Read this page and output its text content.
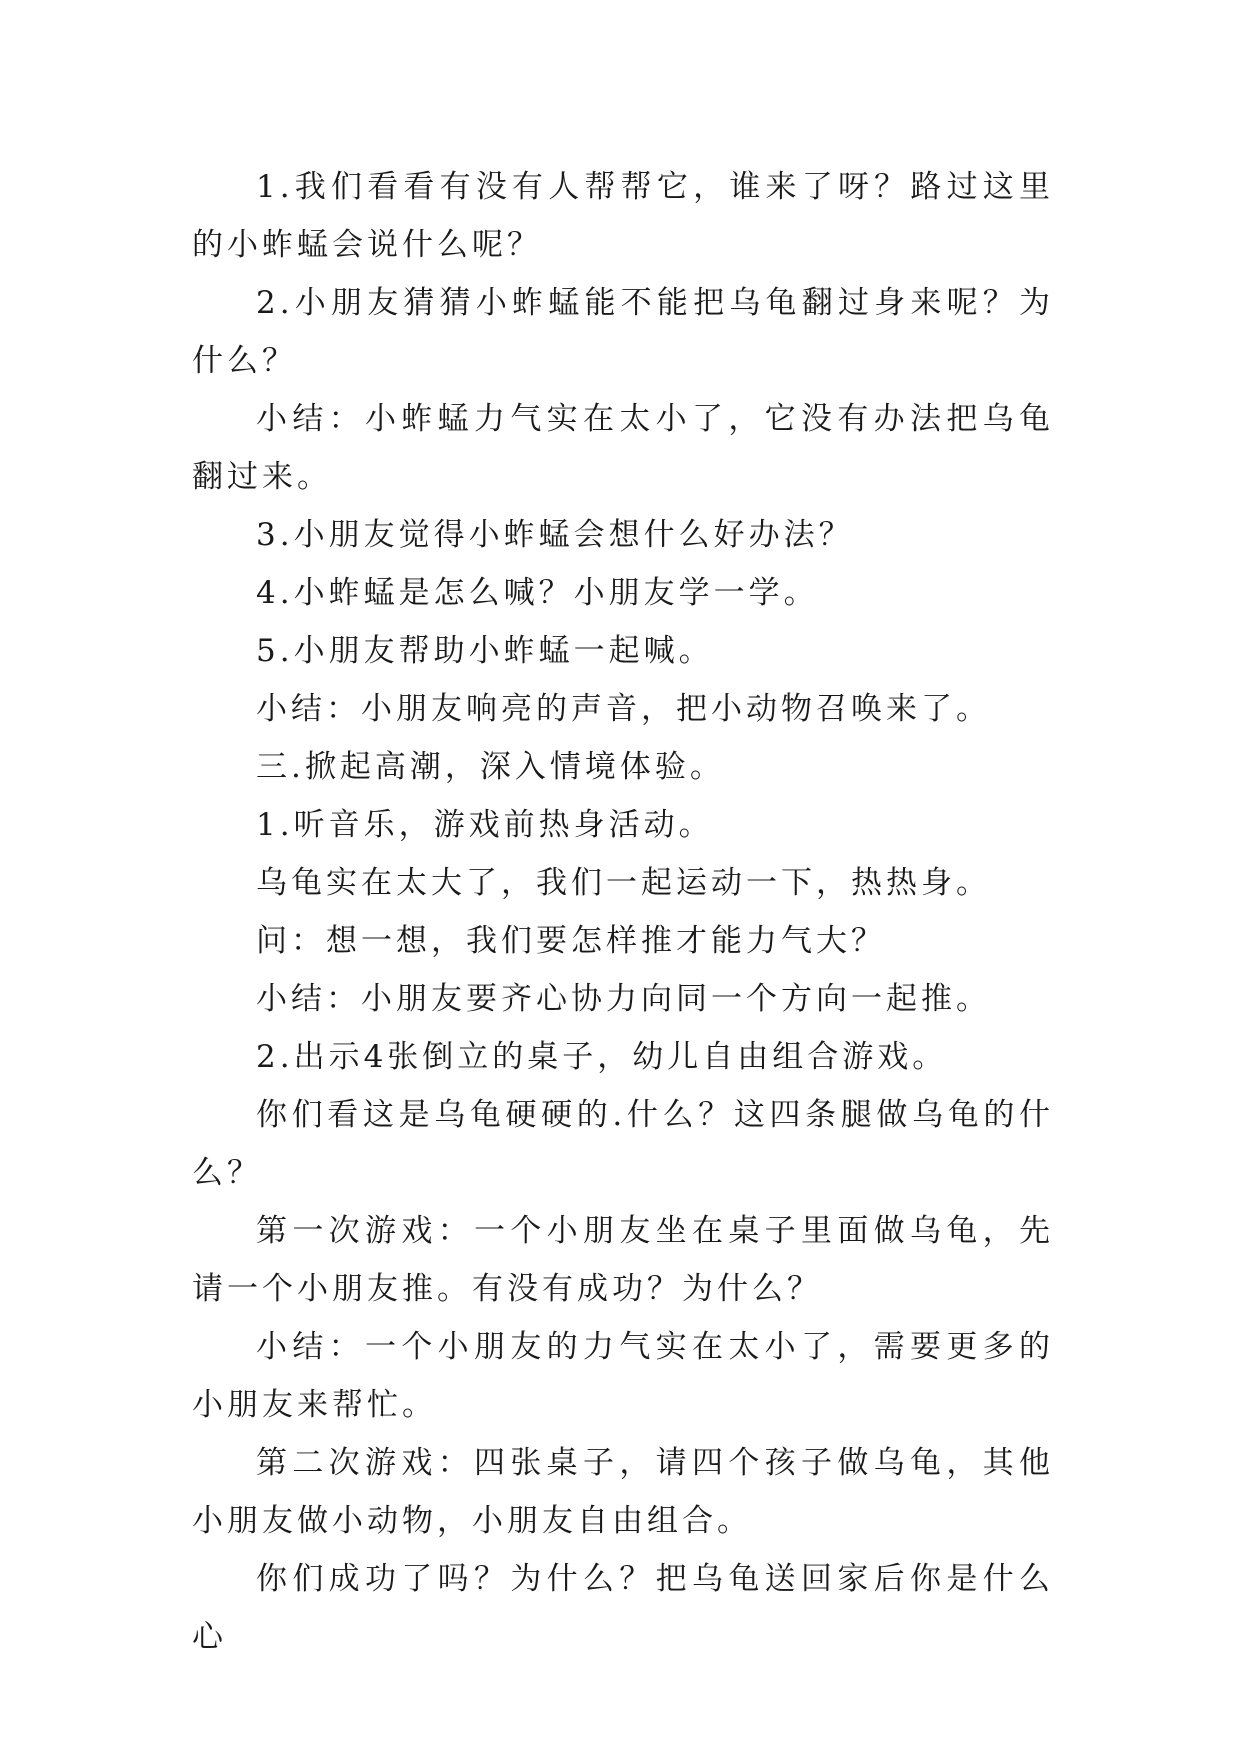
1.我们看看有没有人帮帮它，谁来了呀？路过这里的小蚱蜢会说什么呢？

2.小朋友猜猜小蚱蜢能不能把乌龟翻过身来呢？为什么？

小结：小蚱蜢力气实在太小了，它没有办法把乌龟翻过来。

3.小朋友觉得小蚱蜢会想什么好办法？

4.小蚱蜢是怎么喊？小朋友学一学。

5.小朋友帮助小蚱蜢一起喊。

小结：小朋友响亮的声音，把小动物召唤来了。

三.掀起高潮，深入情境体验。

1.听音乐，游戏前热身活动。

乌龟实在太大了，我们一起运动一下，热热身。

问：想一想，我们要怎样推才能力气大？

小结：小朋友要齐心协力向同一个方向一起推。

2.出示4张倒立的桌子，幼儿自由组合游戏。

你们看这是乌龟硬硬的.什么？这四条腿做乌龟的什么？

第一次游戏：一个小朋友坐在桌子里面做乌龟，先请一个小朋友推。有没有成功？为什么？

小结：一个小朋友的力气实在太小了，需要更多的小朋友来帮忙。

第二次游戏：四张桌子，请四个孩子做乌龟，其他小朋友做小动物，小朋友自由组合。

你们成功了吗？为什么？把乌龟送回家后你是什么心
